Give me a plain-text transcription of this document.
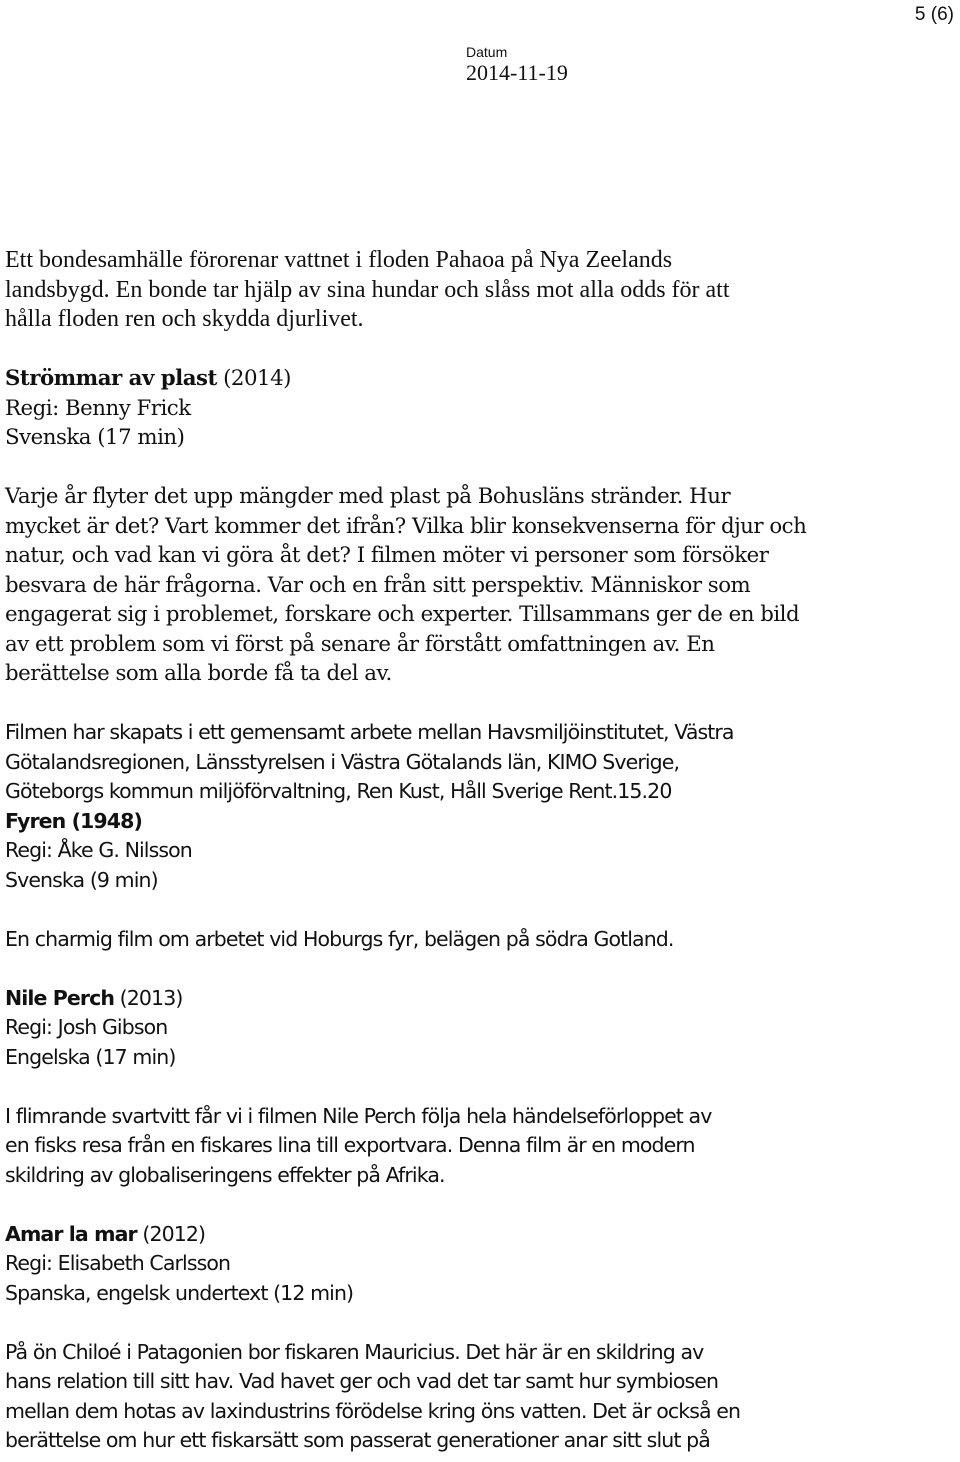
5 (6)
Datum
2014-11-19

Ett bondesamhälle förorenar vattnet i floden Pahaoa på Nya Zeelands

landsbygd. En bonde tar hjälp av sina hundar och slåss mot alla odds för att

hålla floden ren och skydda djurlivet.

Strömmar av plast (2014)

Regi: Benny Frick

Svenska (17 min)

Varje år flyter det upp mängder med plast på Bohusläns stränder. Hur

mycket är det? Vart kommer det ifrån? Vilka blir konsekvenserna för djur och

natur, och vad kan vi göra åt det? I filmen möter vi personer som försöker

besvara de här frågorna. Var och en från sitt perspektiv. Människor som

engagerat sig i problemet, forskare och experter. Tillsammans ger de en bild

av ett problem som vi först på senare år förstått omfattningen av. En

berättelse som alla borde få ta del av.

Filmen har skapats i ett gemensamt arbete mellan Havsmiljöinstitutet, Västra

Götalandsregionen, Länsstyrelsen i Västra Götalands län, KIMO Sverige,

Göteborgs kommun miljöförvaltning, Ren Kust, Håll Sverige Rent.15.20

Fyren (1948)

Regi: Åke G. Nilsson

Svenska (9 min)

En charmig film om arbetet vid Hoburgs fyr, belägen på södra Gotland.

Nile Perch (2013)

Regi: Josh Gibson

Engelska (17 min)

I flimrande svartvitt får vi i filmen Nile Perch följa hela händelseförloppet av

en fisks resa från en fiskares lina till exportvara. Denna film är en modern

skildring av globaliseringens effekter på Afrika.

Amar la mar (2012)

Regi: Elisabeth Carlsson

Spanska, engelsk undertext (12 min)

På ön Chiloé i Patagonien bor fiskaren Mauricius. Det här är en skildring av

hans relation till sitt hav. Vad havet ger och vad det tar samt hur symbiosen

mellan dem hotas av laxindustrins förödelse kring öns vatten. Det är också en

berättelse om hur ett fiskarsätt som passerat generationer anar sitt slut på
